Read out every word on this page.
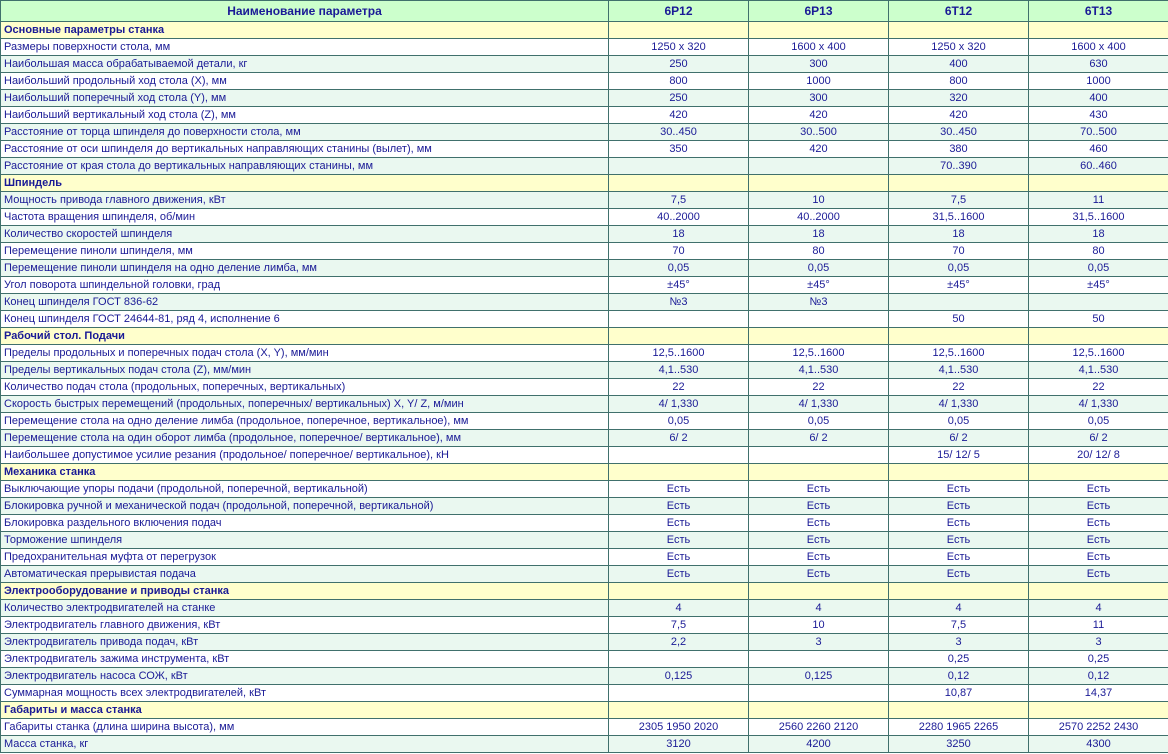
Наименование параметра	6Р12	6Р13	6Т12	6Т13
Основные параметры станка				
Размеры поверхности стола, мм	1250 x 320	1600 x 400	1250 x 320	1600 x 400
Наибольшая масса обрабатываемой детали, кг	250	300	400	630
Наибольший продольный ход стола (X), мм	800	1000	800	1000
Наибольший поперечный ход стола (Y), мм	250	300	320	400
Наибольший вертикальный ход стола (Z), мм	420	420	420	430
Расстояние от торца шпинделя до поверхности стола, мм	30..450	30..500	30..450	70..500
Расстояние от оси шпинделя до вертикальных направляющих станины (вылет), мм	350	420	380	460
Расстояние от края стола до вертикальных направляющих станины, мм			70..390	60..460
Шпиндель				
Мощность привода главного движения, кВт	7,5	10	7,5	11
Частота вращения шпинделя, об/мин	40..2000	40..2000	31,5..1600	31,5..1600
Количество скоростей шпинделя	18	18	18	18
Перемещение пиноли шпинделя, мм	70	80	70	80
Перемещение пиноли шпинделя на одно деление лимба, мм	0,05	0,05	0,05	0,05
Угол поворота шпиндельной головки, град	±45°	±45°	±45°	±45°
Конец шпинделя ГОСТ 836-62	№3	№3		
Конец шпинделя ГОСТ 24644-81, ряд 4, исполнение 6			50	50
Рабочий стол. Подачи				
Пределы продольных и поперечных подач стола (X, Y), мм/мин	12,5..1600	12,5..1600	12,5..1600	12,5..1600
Пределы вертикальных подач стола (Z), мм/мин	4,1..530	4,1..530	4,1..530	4,1..530
Количество подач стола (продольных, поперечных, вертикальных)	22	22	22	22
Скорость быстрых перемещений (продольных, поперечных/ вертикальных) X, Y/ Z, м/мин	4/ 1,330	4/ 1,330	4/ 1,330	4/ 1,330
Перемещение стола на одно деление лимба (продольное, поперечное, вертикальное), мм	0,05	0,05	0,05	0,05
Перемещение стола на один оборот лимба (продольное, поперечное/ вертикальное), мм	6/ 2	6/ 2	6/ 2	6/ 2
Наибольшее допустимое усилие резания (продольное/ поперечное/ вертикальное), кН			15/ 12/ 5	20/ 12/ 8
Механика станка				
Выключающие упоры подачи (продольной, поперечной, вертикальной)	Есть	Есть	Есть	Есть
Блокировка ручной и механической подач (продольной, поперечной, вертикальной)	Есть	Есть	Есть	Есть
Блокировка раздельного включения подач	Есть	Есть	Есть	Есть
Торможение шпинделя	Есть	Есть	Есть	Есть
Предохранительная муфта от перегрузок	Есть	Есть	Есть	Есть
Автоматическая прерывистая подача	Есть	Есть	Есть	Есть
Электрооборудование и приводы станка				
Количество электродвигателей на станке	4	4	4	4
Электродвигатель главного движения, кВт	7,5	10	7,5	11
Электродвигатель привода подач, кВт	2,2	3	3	3
Электродвигатель зажима инструмента, кВт			0,25	0,25
Электродвигатель насоса СОЖ, кВт	0,125	0,125	0,12	0,12
Суммарная мощность всех электродвигателей, кВт			10,87	14,37
Габариты и масса станка				
Габариты станка (длина ширина высота), мм	2305 1950 2020	2560 2260 2120	2280 1965 2265	2570 2252 2430
Масса станка, кг	3120	4200	3250	4300
